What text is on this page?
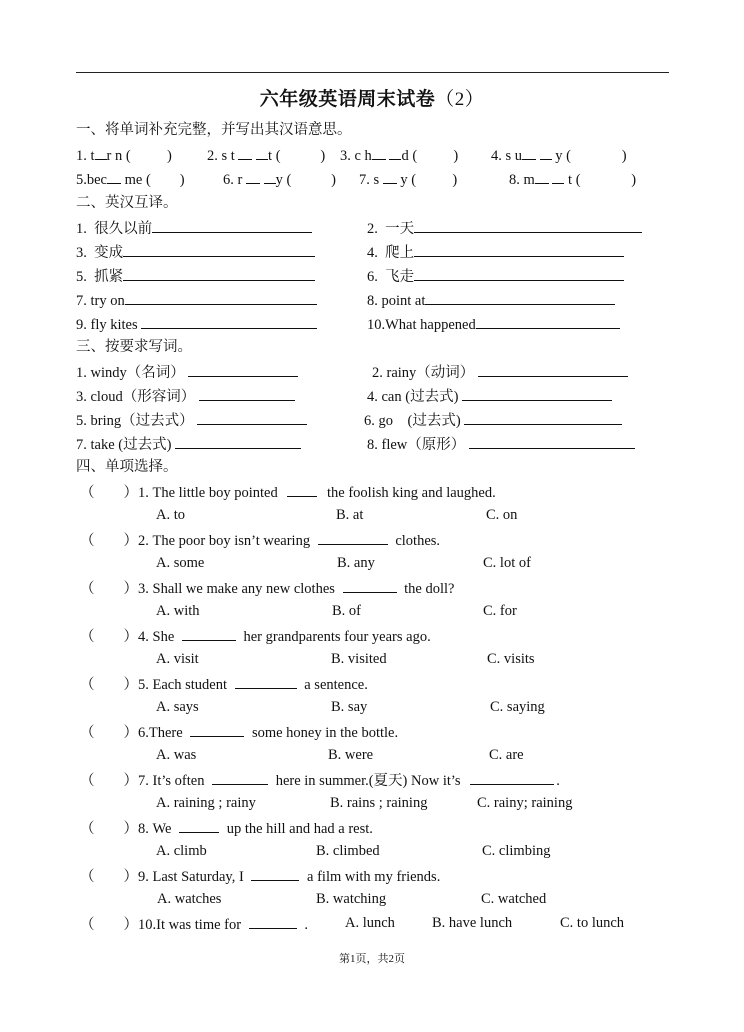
六年级英语周末试卷（2）
一、将单词补充完整，并写出其汉语意思。
1. t r n (          ) 2. s t t (           ) 3. c h d (          ) 4. s u y (              )
5.bec me (        )	6. r y (           ) 7. s y (          )	8. m t (              )
二、英汉互译。
1.  很久以前	2.  一天
3.  变成	4.  爬上
5.  抓紧	6.  飞走
7. try on	8. point at
9. fly kites	10.What happened
三、按要求写词。
1. windy（名词）	2. rainy（动词）
3. cloud（形容词）	4. can (过去式)
5. bring（过去式）	6. go    (过去式)
7. take (过去式)	8. flew（原形）
四、单项选择。
（        ）1. The little boy pointed	the foolish king and laughed.
A. to	B. at	C. on
（        ）2. The poor boy isn’t wearing	clothes.
A. some	B. any	C. lot of
（        ）3. Shall we make any new clothes	the doll?
A. with	B. of	C. for
（        ）4. She	her grandparents four years ago.
A. visit	B. visited	C. visits
（        ）5. Each student	a sentence.
A. says	B. say	C. saying
（        ）6.There	some honey in the bottle.
A. was	B. were	C. are
（        ）7. It’s often	here in summer.(夏天) Now it’s	.
A. raining ; rainy	B. rains ; raining	C. rainy; raining
（        ）8. We	up the hill and had a rest.
A. climb	B. climbed	C. climbing
（        ）9. Last Saturday, I	a film with my friends.
A. watches	B. watching	C. watched
（        ）10.It was time for	.	A. lunch	B. have lunch	C. to lunch
第1页，共2页
